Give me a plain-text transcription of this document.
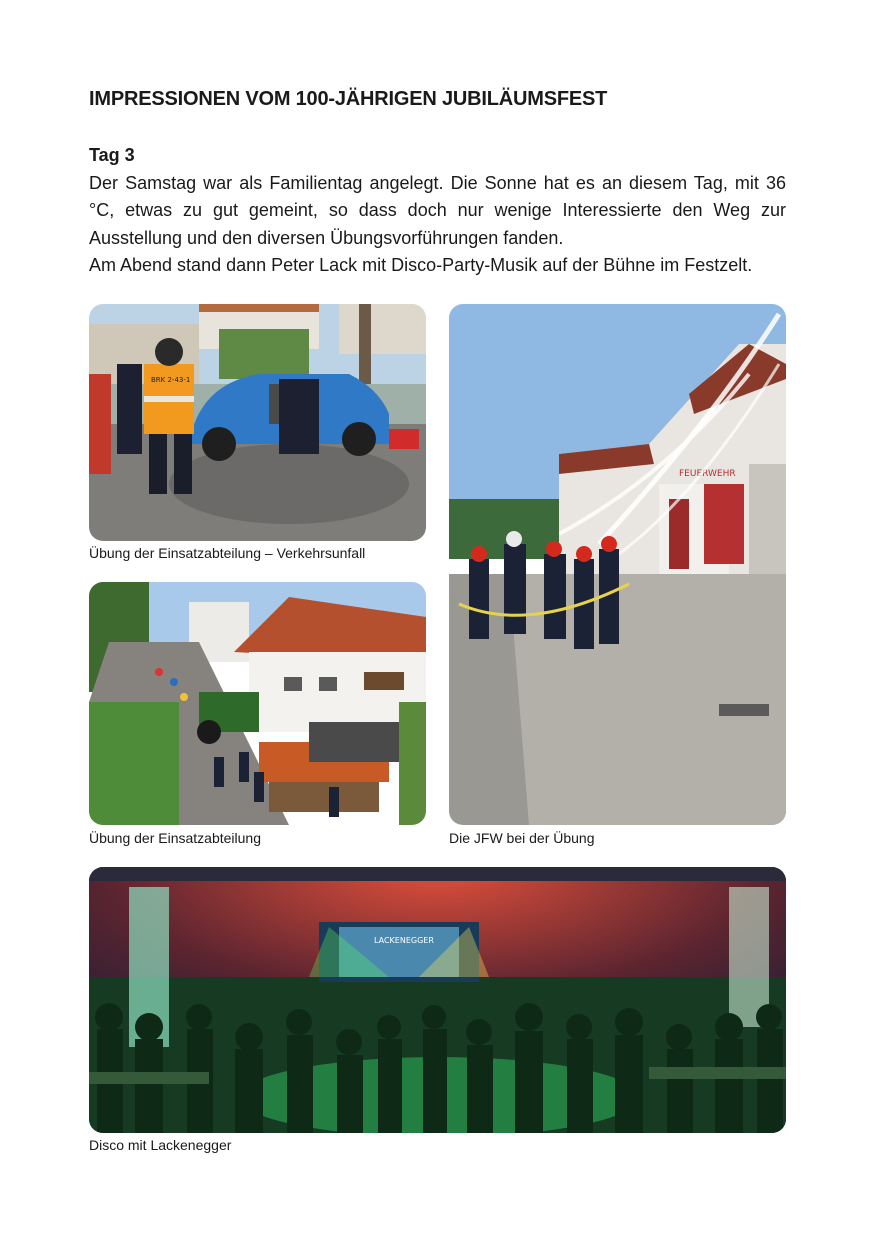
IMPRESSIONEN VOM 100-JÄHRIGEN JUBILÄUMSFEST
Tag 3

Der Samstag war als Familientag angelegt. Die Sonne hat es an diesem Tag, mit 36 °C, etwas zu gut gemeint, so dass doch nur wenige Interessierte den Weg zur Ausstellung und den diversen Übungsvorführungen fanden.

Am Abend stand dann Peter Lack mit Disco-Party-Musik auf der Bühne im Festzelt.

BRK 2-43-1
FEUERWEHR
LACKENEGGER
Übung der Einsatzabteilung – Verkehrsunfall
Die JFW bei der Übung
Übung der Einsatzabteilung
Disco mit Lackenegger
